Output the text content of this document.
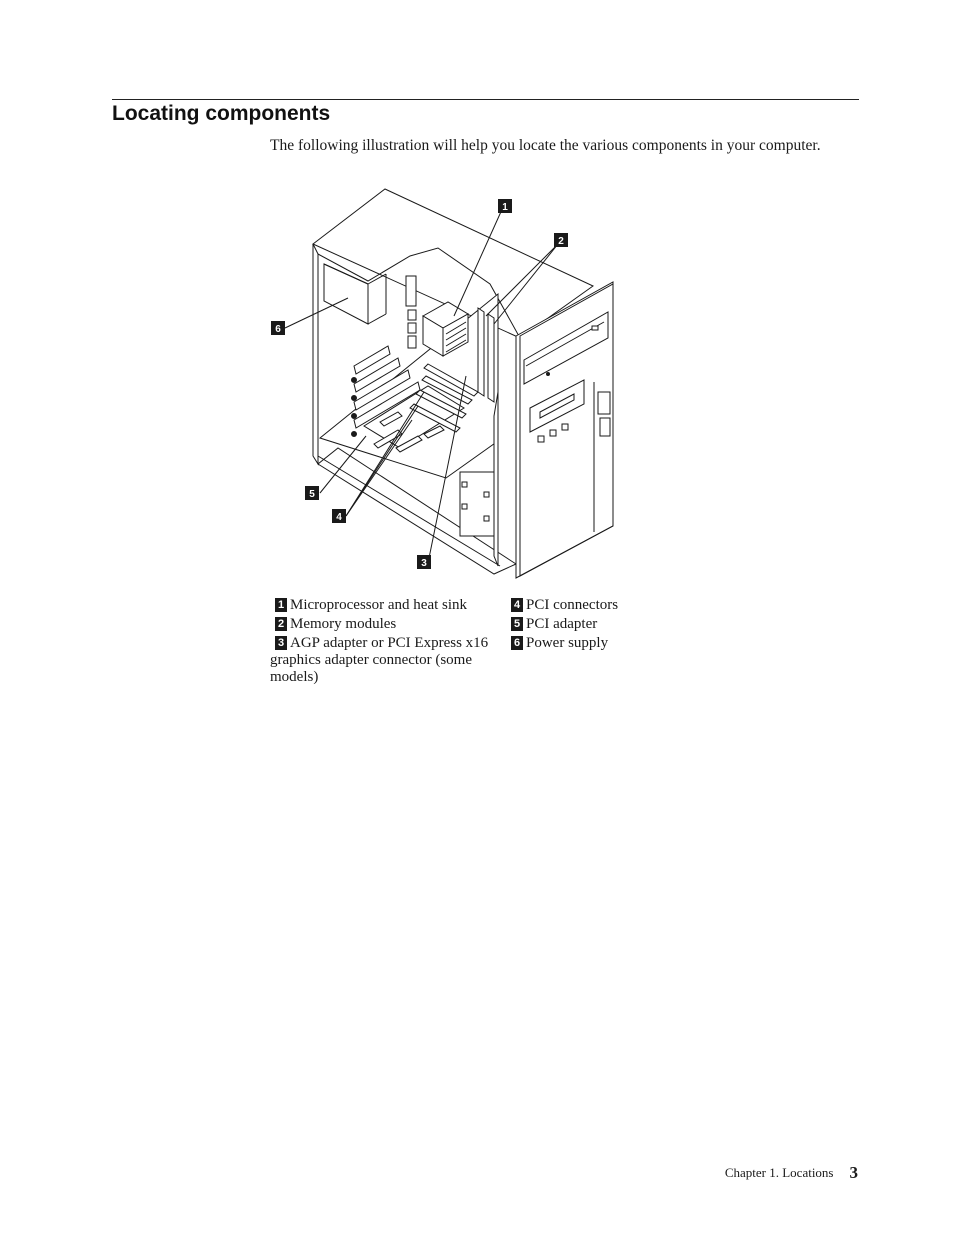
Locating components

The following illustration will help you locate the various components in your computer.

1
2
3
4
5
6

1 Microprocessor and heat sink

2 Memory modules

3 AGP adapter or PCI Express x16 graphics adapter connector (some models)

4 PCI connectors

5 PCI adapter

6 Power supply

Chapter 1. Locations 3
